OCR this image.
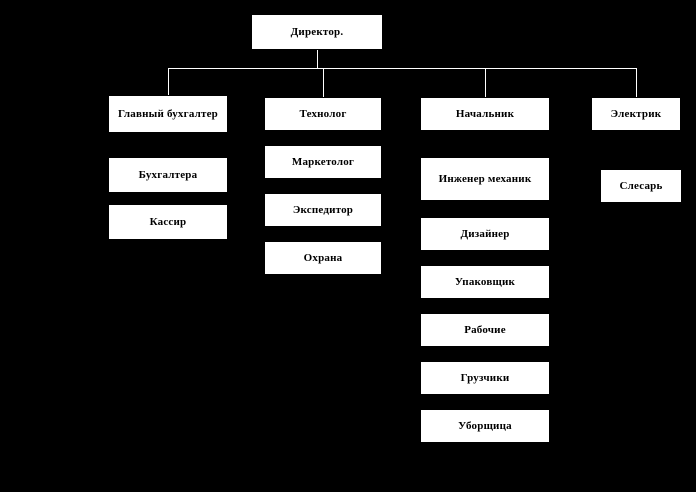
Директор.
Главный бухгалтер
Бухгалтера
Кассир
Технолог
Маркетолог
Экспедитор
Охрана
Начальник
Инженер механик
Дизайнер
Упаковщик
Рабочие
Грузчики
Уборщица
Электрик
Слесарь
